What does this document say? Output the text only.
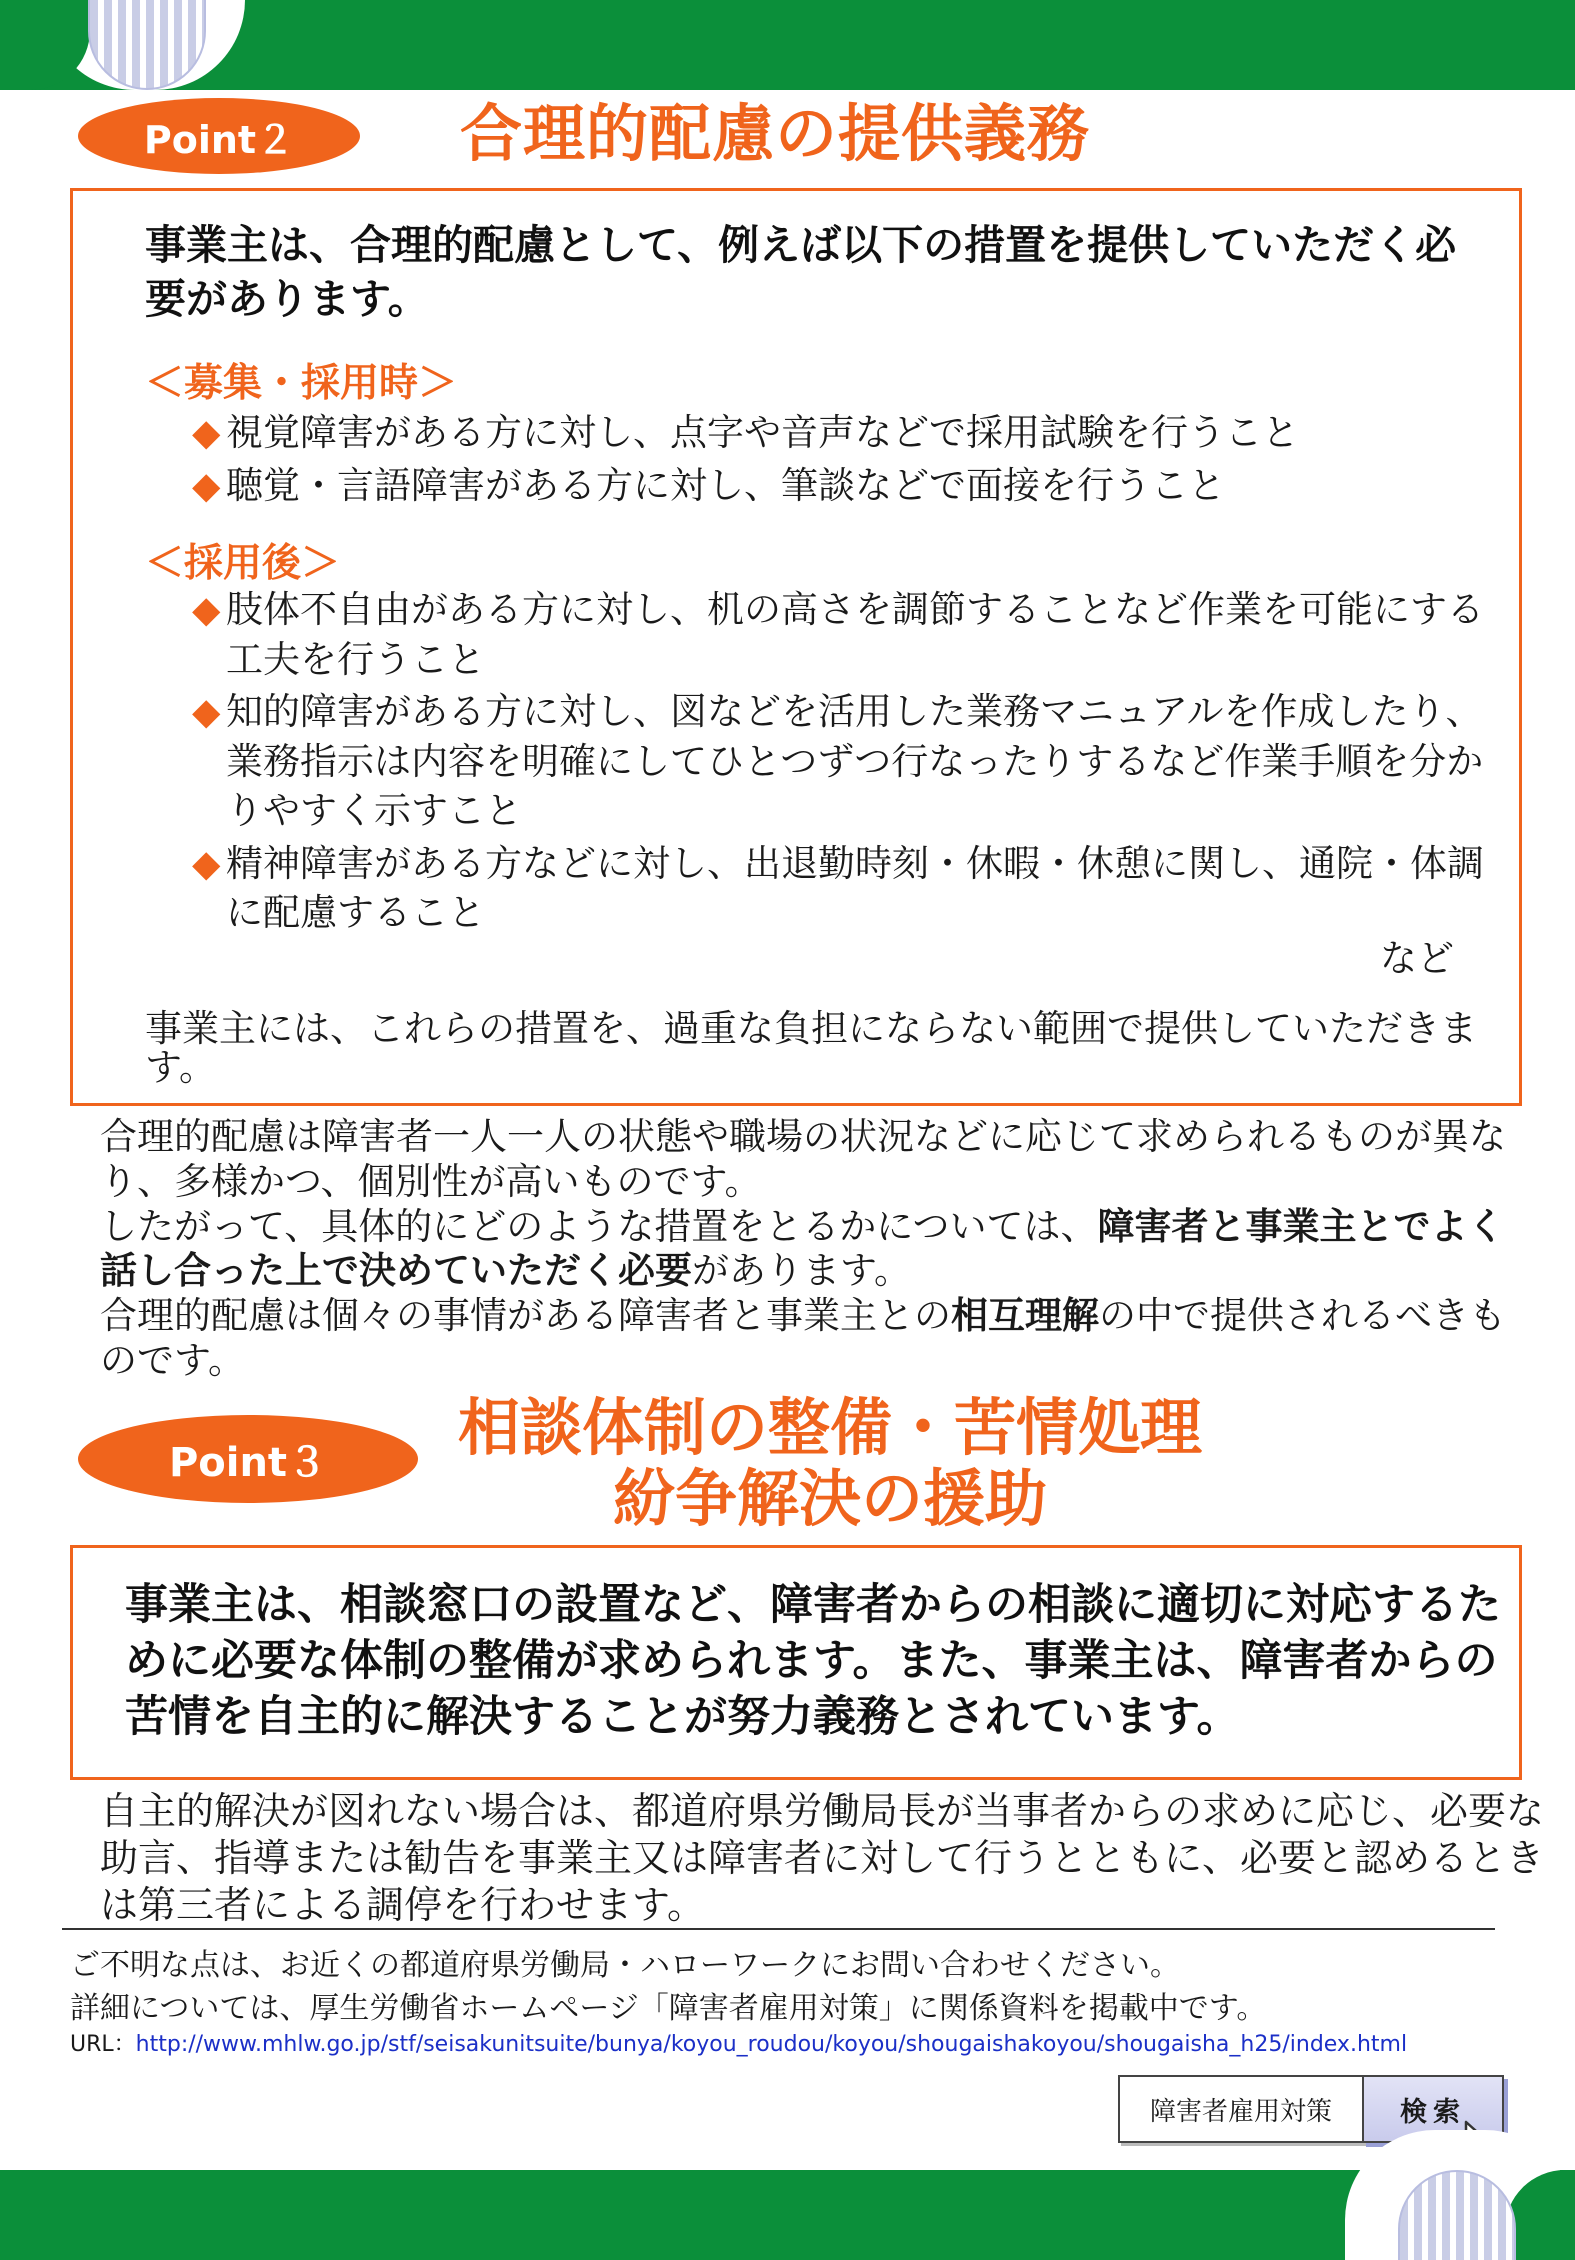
Point２	合理的配慮の提供義務
事業主は、合理的配慮として、例えば以下の措置を提供していただく必要があります。
＜募集・採用時＞
◆ 視覚障害がある方に対し、点字や音声などで採用試験を行うこと
◆ 聴覚・言語障害がある方に対し、筆談などで面接を行うこと
＜採用後＞
◆ 肢体不自由がある方に対し、机の高さを調節することなど作業を可能にする工夫を行うこと
◆ 知的障害がある方に対し、図などを活用した業務マニュアルを作成したり、業務指示は内容を明確にしてひとつずつ行なったりするなど作業手順を分かりやすく示すこと
◆ 精神障害がある方などに対し、出退勤時刻・休暇・休憩に関し、通院・体調に配慮すること
など
事業主には、これらの措置を、過重な負担にならない範囲で提供していただきます。
合理的配慮は障害者一人一人の状態や職場の状況などに応じて求められるものが異なり、多様かつ、個別性が高いものです。
したがって、具体的にどのような措置をとるかについては、障害者と事業主とでよく話し合った上で決めていただく必要があります。
合理的配慮は個々の事情がある障害者と事業主との相互理解の中で提供されるべきものです。
Point３	相談体制の整備・苦情処理
紛争解決の援助
事業主は、相談窓口の設置など、障害者からの相談に適切に対応するために必要な体制の整備が求められます。また、事業主は、障害者からの苦情を自主的に解決することが努力義務とされています。
自主的解決が図れない場合は、都道府県労働局長が当事者からの求めに応じ、必要な助言、指導または勧告を事業主又は障害者に対して行うとともに、必要と認めるときは第三者による調停を行わせます。
ご不明な点は、お近くの都道府県労働局・ハローワークにお問い合わせください。
詳細については、厚生労働省ホームページ「障害者雇用対策」に関係資料を掲載中です。
URL：http://www.mhlw.go.jp/stf/seisakunitsuite/bunya/koyou_roudou/koyou/shougaishakoyou/shougaisha_h25/index.html
障害者雇用対策	検索
